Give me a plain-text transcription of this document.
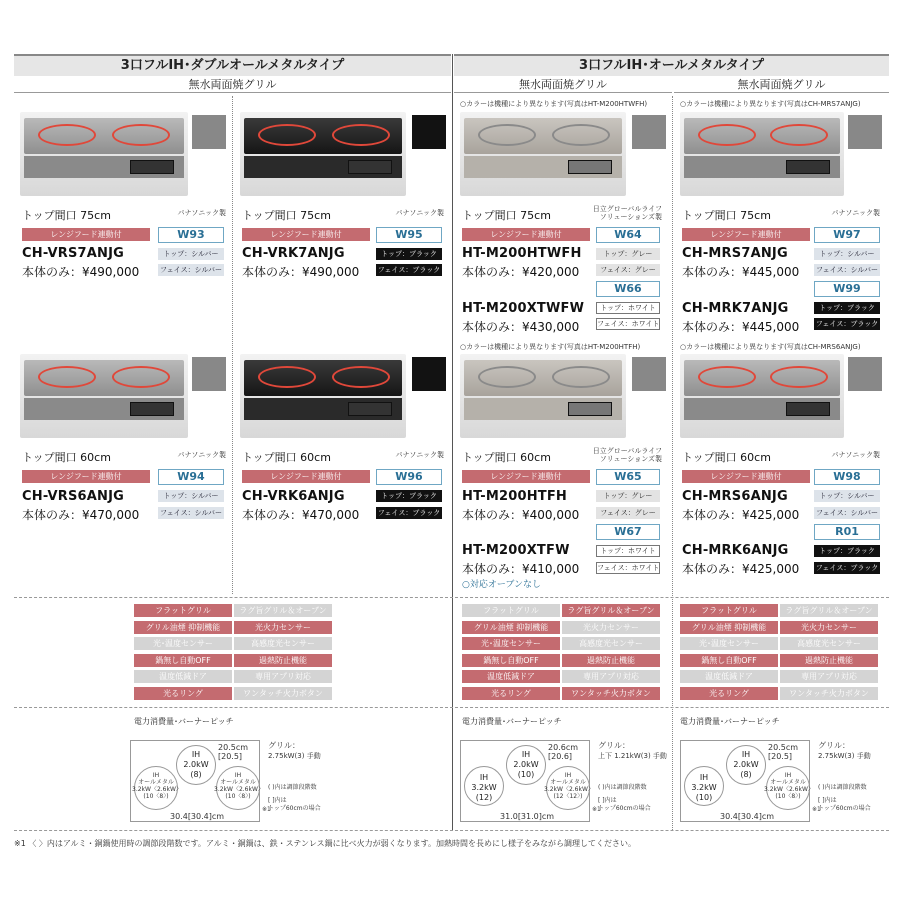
3口フルIH･ダブルオールメタルタイプ	3口フルIH･オールメタルタイプ
無水両面焼グリル	無水両面焼グリル	無水両面焼グリル
トップ間口 75cm	パナソニック製
レンジフード連動付	W93
CH-VRS7ANJG	トップ：シルバー
本体のみ：¥490,000	フェイス：シルバー
トップ間口 75cm	パナソニック製
レンジフード連動付	W95
CH-VRK7ANJG	トップ：ブラック
本体のみ：¥490,000	フェイス：ブラック
○カラーは機種により異なります(写真はHT-M200HTWFH)
トップ間口 75cm	日立グローバルライフ
ソリューションズ製
レンジフード連動付	W64
HT-M200HTWFH	トップ：グレー
本体のみ：¥420,000	フェイス：グレー
W66
HT-M200XTWFW	トップ：ホワイト
本体のみ：¥430,000	フェイス：ホワイト
○カラーは機種により異なります(写真はCH-MRS7ANJG)
トップ間口 75cm	パナソニック製
レンジフード連動付	W97
CH-MRS7ANJG	トップ：シルバー
本体のみ：¥445,000 フェイス：シルバー
W99
CH-MRK7ANJG	トップ：ブラック
本体のみ：¥445,000 フェイス：ブラック
トップ間口 60cm	パナソニック製
レンジフード連動付	W94
CH-VRS6ANJG	トップ：シルバー
本体のみ：¥470,000	フェイス：シルバー
トップ間口 60cm	パナソニック製
レンジフード連動付	W96
CH-VRK6ANJG	トップ：ブラック
本体のみ：¥470,000	フェイス：ブラック
○カラーは機種により異なります(写真はHT-M200HTFH)
トップ間口 60cm	日立グローバルライフ
ソリューションズ製
レンジフード連動付	W65
HT-M200HTFH	トップ：グレー
本体のみ：¥400,000	フェイス：グレー
W67
HT-M200XTFW	トップ：ホワイト
本体のみ：¥410,000	フェイス：ホワイト
○対応オーブンなし
○カラーは機種により異なります(写真はCH-MRS6ANJG)
トップ間口 60cm	パナソニック製
レンジフード連動付	W98
CH-MRS6ANJG	トップ：シルバー
本体のみ：¥425,000 フェイス：シルバー
R01
CH-MRK6ANJG	トップ：ブラック
本体のみ：¥425,000 フェイス：ブラック
フラットグリル	ラグ旨グリル＆オーブン
グリル油煙 抑制機能	光火力センサー
光･温度センサー	高感度光センサー
鍋無し自動OFF	過熱防止機能
温度低減ドア	専用アプリ対応
光るリング	ワンタッチ火力ボタン
フラットグリル	ラグ旨グリル＆オーブン
グリル油煙 抑制機能	光火力センサー
光･温度センサー	高感度光センサー
鍋無し自動OFF	過熱防止機能
温度低減ドア	専用アプリ対応
光るリング	ワンタッチ火力ボタン
フラットグリル	ラグ旨グリル＆オーブン
グリル油煙 抑制機能	光火力センサー
光･温度センサー	高感度光センサー
鍋無し自動OFF	過熱防止機能
温度低減ドア	専用アプリ対応
光るリング	ワンタッチ火力ボタン
電力消費量･バーナーピッチ
IH
2.0kW
(8)
IH
オールメタル
3.2kW〈2.6kW〉
(10〈8〉)
IH
オールメタル
3.2kW〈2.6kW〉
(10〈8〉)
20.5cm
[20.5]
30.4[30.4]cm
グリル：
2.75kW(3) 手動
( )内は調節段階数
[ ]内は
トップ60cmの場合
※1
電力消費量･バーナーピッチ
IH
2.0kW
(10)
IH
3.2kW
(12)
IH
オールメタル
3.2kW〈2.6kW〉
(12〈12〉)
20.6cm
[20.6]
31.0[31.0]cm
グリル：
上下 1.21kW(3) 手動
( )内は調節段階数
[ ]内は
トップ60cmの場合
※1
電力消費量･バーナーピッチ
IH
2.0kW
(8)
IH
3.2kW
(10)
IH
オールメタル
3.2kW〈2.6kW〉
(10〈8〉)
20.5cm
[20.5]
30.4[30.4]cm
グリル：
2.75kW(3) 手動
( )内は調節段階数
[ ]内は
トップ60cmの場合
※1
※1 〈 〉内はアルミ・銅鍋使用時の調節段階数です。アルミ・銅鍋は、鉄・ステンレス鍋に比べ火力が弱くなります。加熱時間を長めにし様子をみながら調理してください。
